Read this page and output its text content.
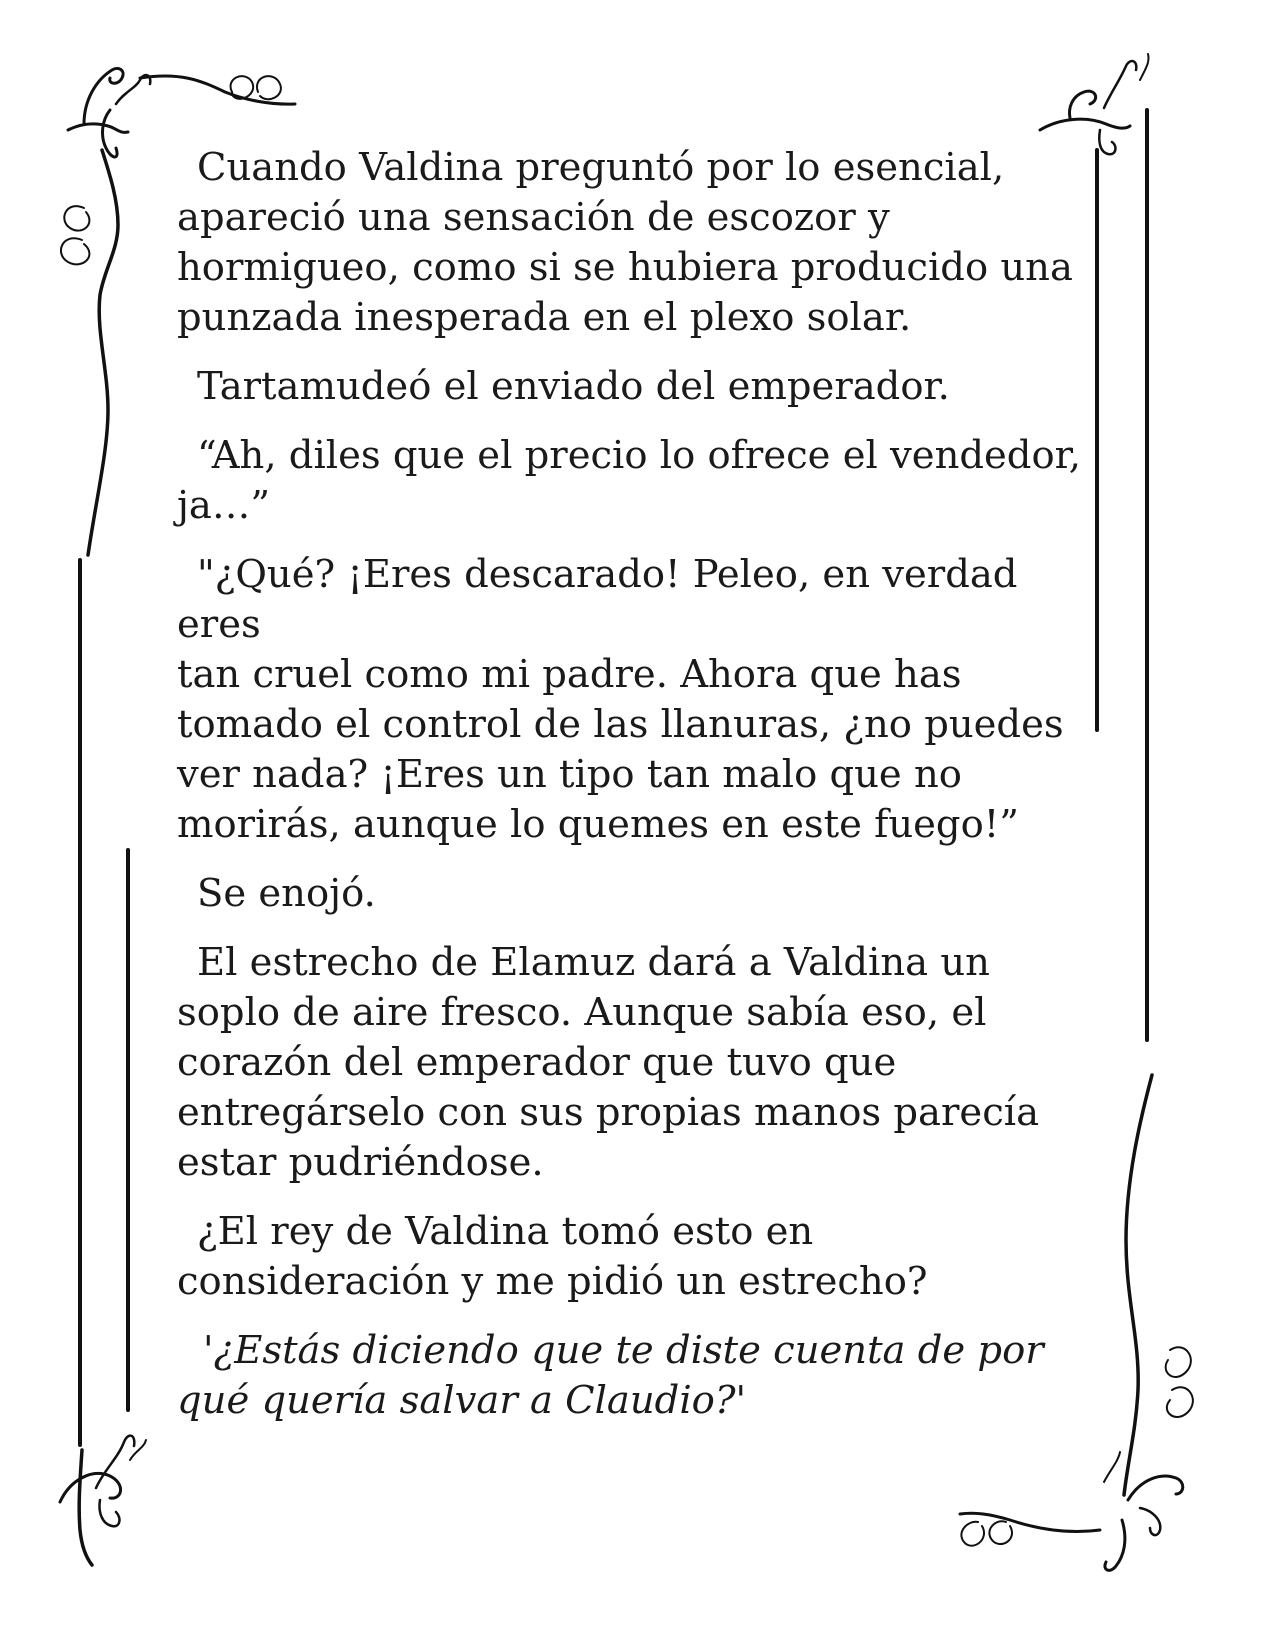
Cuando Valdina preguntó por lo esencial,
apareció una sensación de escozor y
hormigueo, como si se hubiera producido una
punzada inesperada en el plexo solar.

Tartamudeó el enviado del emperador.

“Ah, diles que el precio lo ofrece el vendedor,
ja…”

"¿Qué? ¡Eres descarado! Peleo, en verdad eres
tan cruel como mi padre. Ahora que has
tomado el control de las llanuras, ¿no puedes
ver nada? ¡Eres un tipo tan malo que no
morirás, aunque lo quemes en este fuego!”

Se enojó.

El estrecho de Elamuz dará a Valdina un
soplo de aire fresco. Aunque sabía eso, el
corazón del emperador que tuvo que
entregárselo con sus propias manos parecía
estar pudriéndose.

¿El rey de Valdina tomó esto en
consideración y me pidió un estrecho?

'¿Estás diciendo que te diste cuenta de por
qué quería salvar a Claudio?'
